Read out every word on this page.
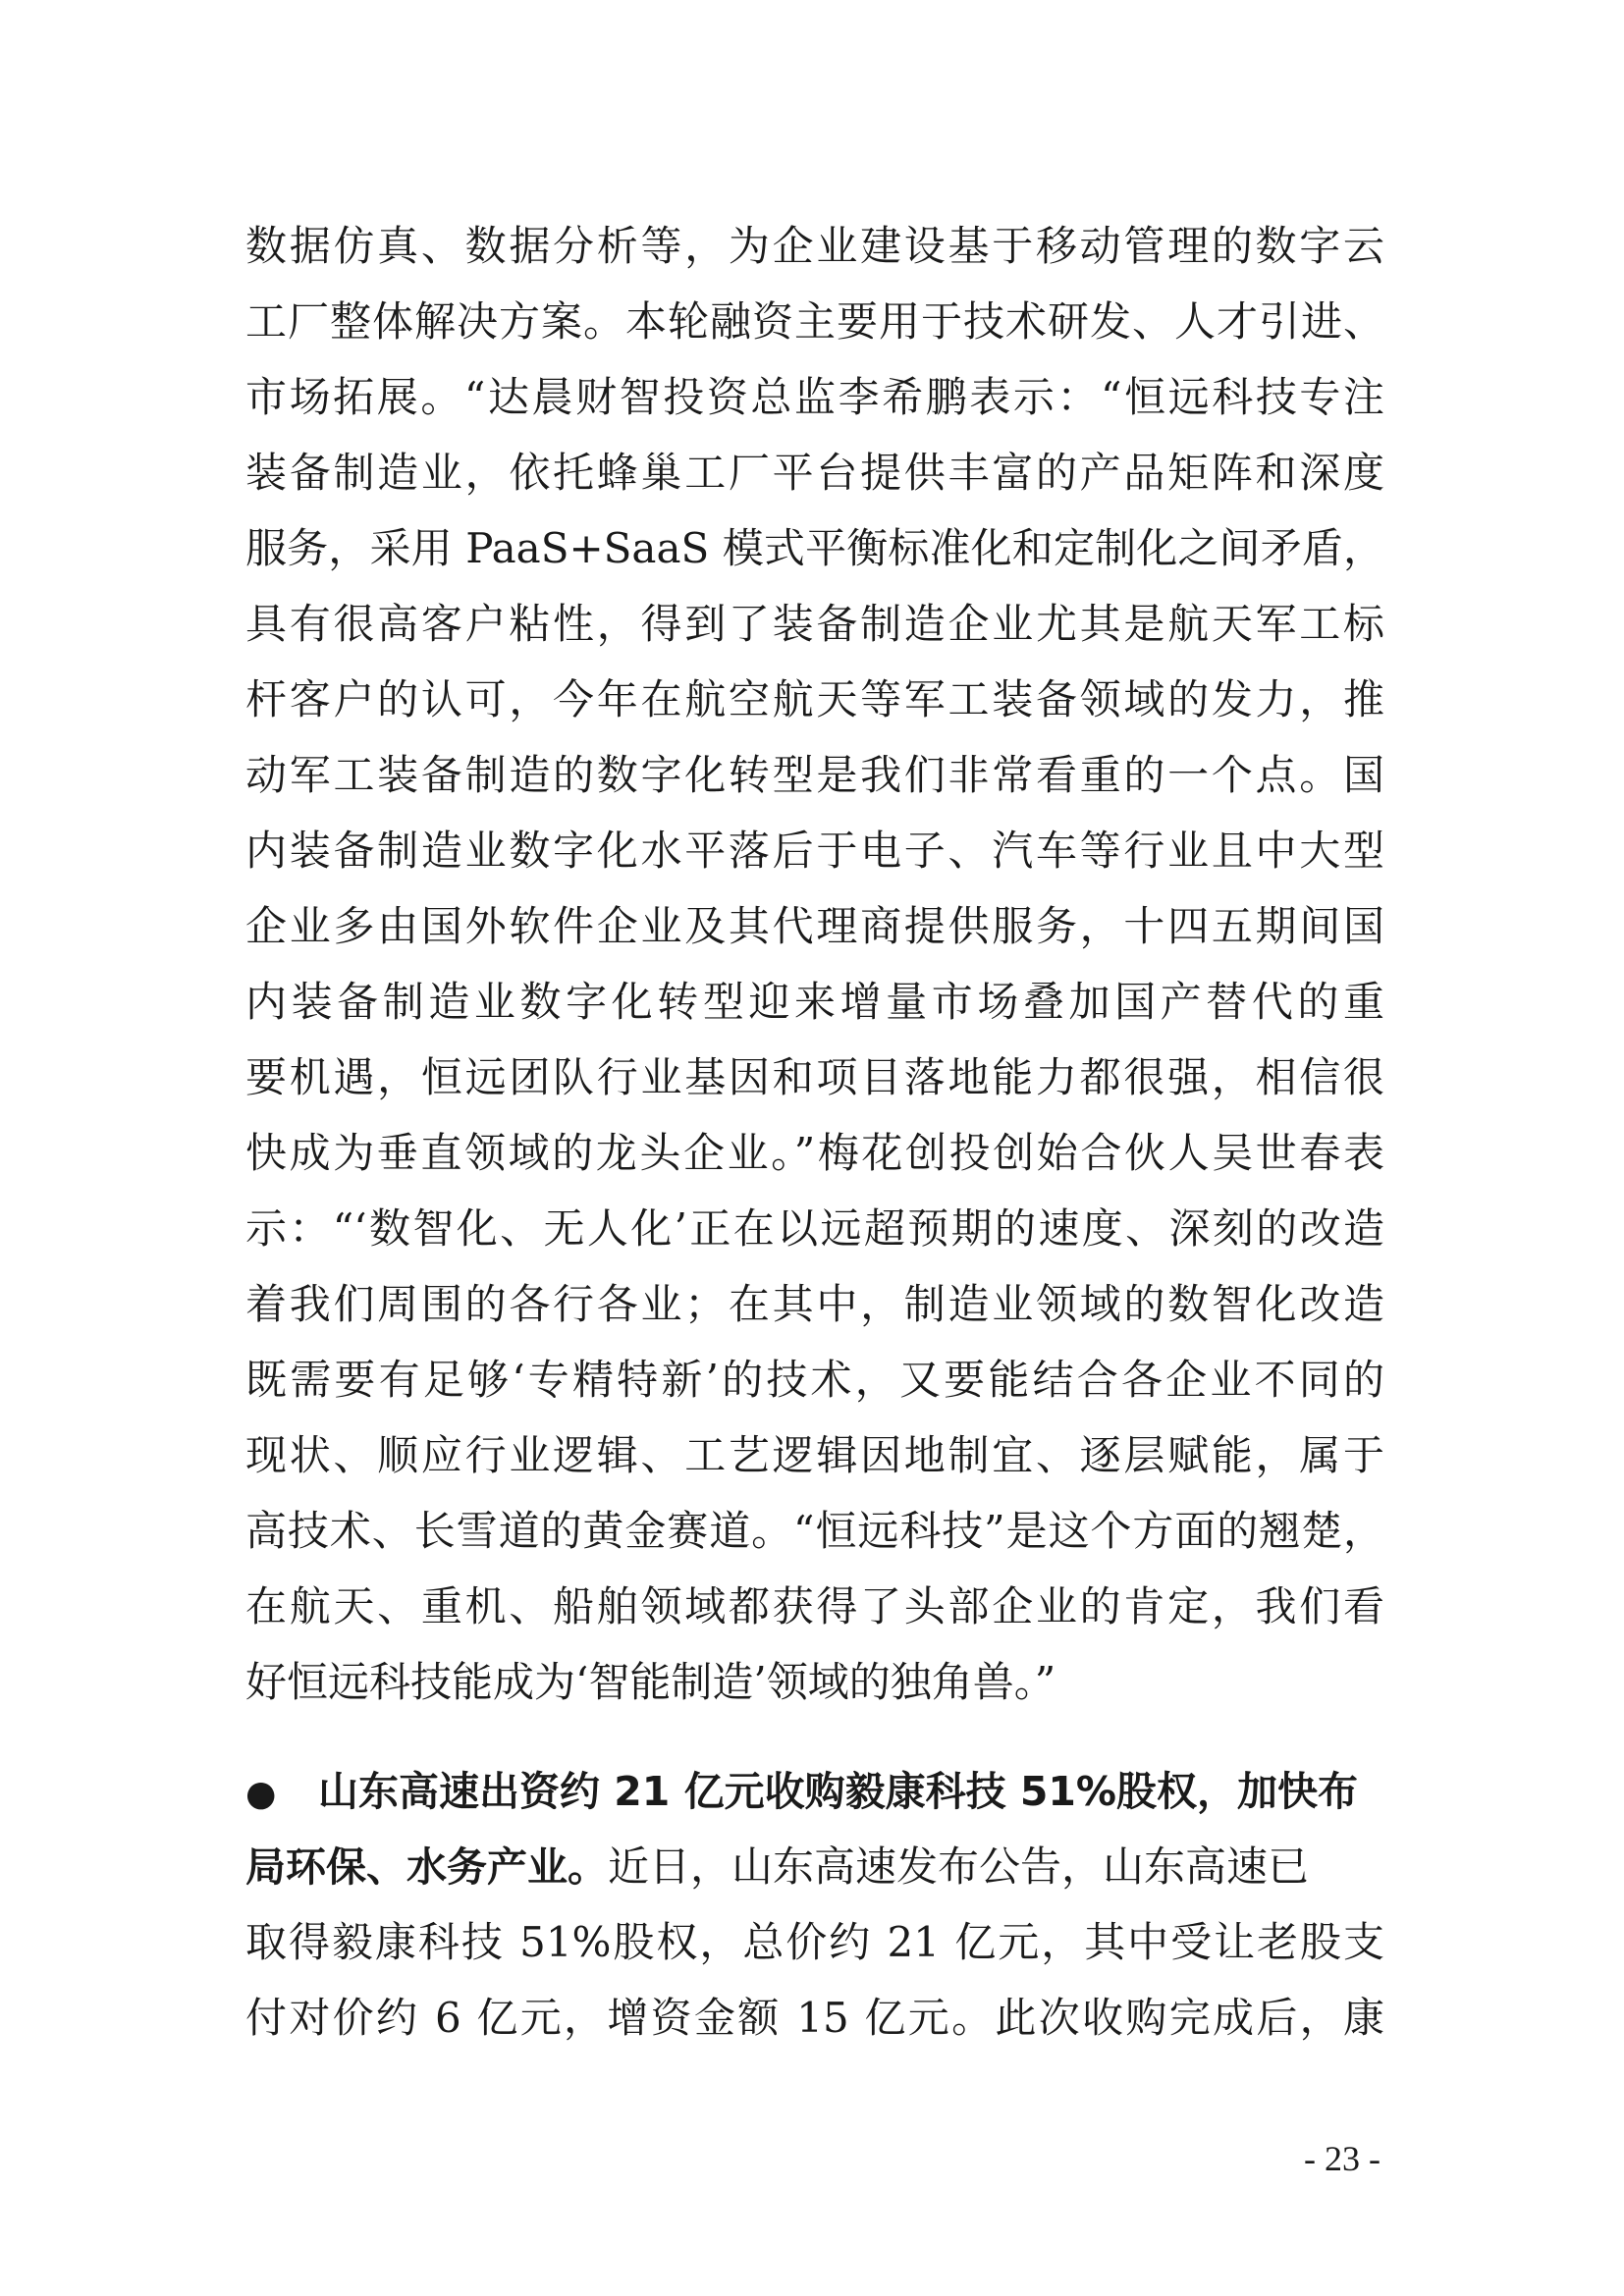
数据仿真、数据分析等，为企业建设基于移动管理的数字云
工厂整体解决方案。本轮融资主要用于技术研发、人才引进、
市场拓展。“达晨财智投资总监李希鹏表示：“恒远科技专注
装备制造业，依托蜂巢工厂平台提供丰富的产品矩阵和深度
服务，采用 PaaS+SaaS 模式平衡标准化和定制化之间矛盾，
具有很高客户粘性，得到了装备制造企业尤其是航天军工标
杆客户的认可，今年在航空航天等军工装备领域的发力，推
动军工装备制造的数字化转型是我们非常看重的一个点。国
内装备制造业数字化水平落后于电子、汽车等行业且中大型
企业多由国外软件企业及其代理商提供服务，十四五期间国
内装备制造业数字化转型迎来增量市场叠加国产替代的重
要机遇，恒远团队行业基因和项目落地能力都很强，相信很
快成为垂直领域的龙头企业。”梅花创投创始合伙人吴世春表
示：“‘数智化、无人化’正在以远超预期的速度、深刻的改造
着我们周围的各行各业；在其中，制造业领域的数智化改造
既需要有足够‘专精特新’的技术，又要能结合各企业不同的
现状、顺应行业逻辑、工艺逻辑因地制宜、逐层赋能，属于
高技术、长雪道的黄金赛道。“恒远科技”是这个方面的翘楚，
在航天、重机、船舶领域都获得了头部企业的肯定，我们看
好恒远科技能成为‘智能制造’领域的独角兽。”
● 山东高速出资约 21 亿元收购毅康科技 51%股权，加快布
局环保、水务产业。近日，山东高速发布公告，山东高速已
取得毅康科技 51%股权，总价约 21 亿元，其中受让老股支
付对价约 6 亿元，增资金额 15 亿元。此次收购完成后，康
- 23 -
